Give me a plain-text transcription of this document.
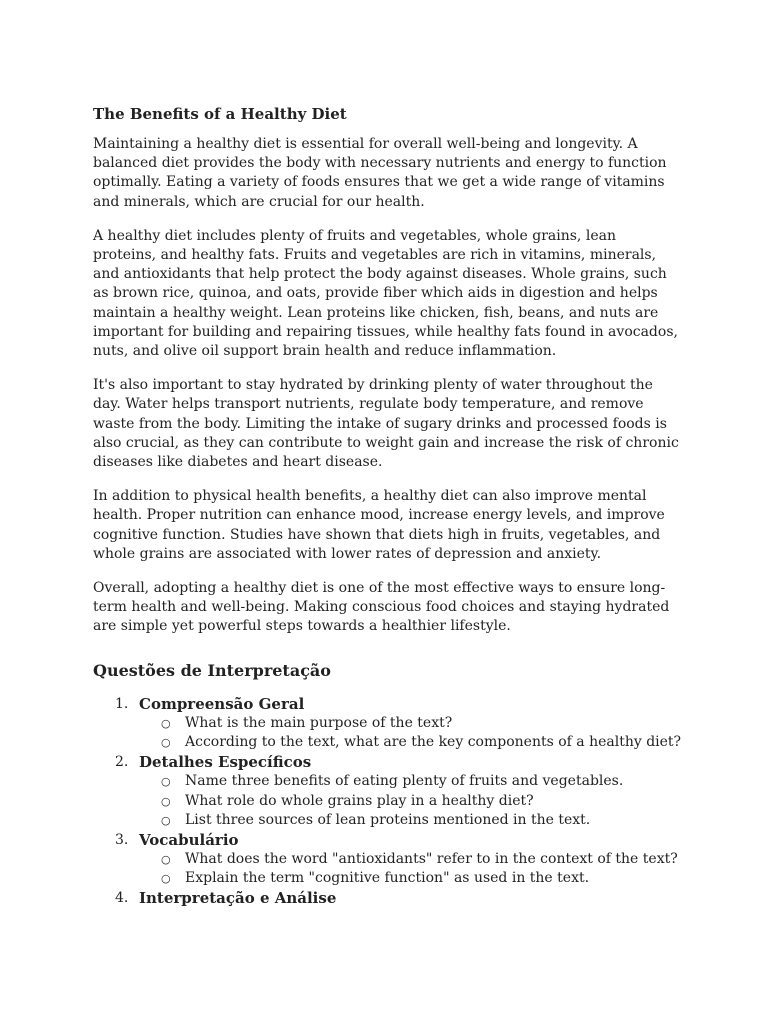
The Benefits of a Healthy Diet

Maintaining a healthy diet is essential for overall well-being and longevity. A balanced diet provides the body with necessary nutrients and energy to function optimally. Eating a variety of foods ensures that we get a wide range of vitamins and minerals, which are crucial for our health.

A healthy diet includes plenty of fruits and vegetables, whole grains, lean proteins, and healthy fats. Fruits and vegetables are rich in vitamins, minerals, and antioxidants that help protect the body against diseases. Whole grains, such as brown rice, quinoa, and oats, provide fiber which aids in digestion and helps maintain a healthy weight. Lean proteins like chicken, fish, beans, and nuts are important for building and repairing tissues, while healthy fats found in avocados, nuts, and olive oil support brain health and reduce inflammation.

It's also important to stay hydrated by drinking plenty of water throughout the day. Water helps transport nutrients, regulate body temperature, and remove waste from the body. Limiting the intake of sugary drinks and processed foods is also crucial, as they can contribute to weight gain and increase the risk of chronic diseases like diabetes and heart disease.

In addition to physical health benefits, a healthy diet can also improve mental health. Proper nutrition can enhance mood, increase energy levels, and improve cognitive function. Studies have shown that diets high in fruits, vegetables, and whole grains are associated with lower rates of depression and anxiety.

Overall, adopting a healthy diet is one of the most effective ways to ensure long-term health and well-being. Making conscious food choices and staying hydrated are simple yet powerful steps towards a healthier lifestyle.

Questões de Interpretação
1. Compreensão Geral
○ What is the main purpose of the text?
○ According to the text, what are the key components of a healthy diet?
2. Detalhes Específicos
○ Name three benefits of eating plenty of fruits and vegetables.
○ What role do whole grains play in a healthy diet?
○ List three sources of lean proteins mentioned in the text.
3. Vocabulário
○ What does the word "antioxidants" refer to in the context of the text?
○ Explain the term "cognitive function" as used in the text.
4. Interpretação e Análise
